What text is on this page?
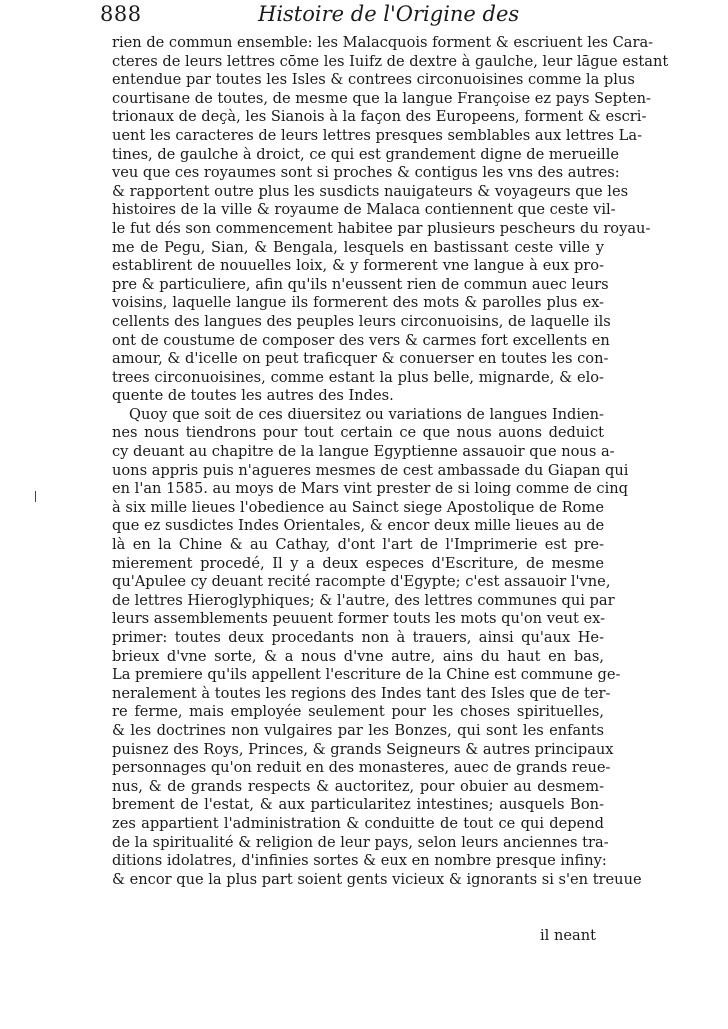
888	Histoire de l'Origine des
rien de commun ensemble: les Malacquois forment & escriuent les Cara-
cteres de leurs lettres cōme les Iuifz de dextre à gaulche, leur lāgue estant
entendue par toutes les Isles & contrees circonuoisines comme la plus
courtisane de toutes, de mesme que la langue Françoise ez pays Septen-
trionaux de deçà, les Sianois à la façon des Europeens, forment & escri-
uent les caracteres de leurs lettres presques semblables aux lettres La-
tines, de gaulche à droict, ce qui est grandement digne de merueille
veu que ces royaumes sont si proches & contigus les vns des autres:
& rapportent outre plus les susdicts nauigateurs & voyageurs que les
histoires de la ville & royaume de Malaca contiennent que ceste vil-
le fut dés son commencement habitee par plusieurs pescheurs du royau-
me de Pegu, Sian, & Bengala, lesquels en bastissant ceste ville y
establirent de nouuelles loix, & y formerent vne langue à eux pro-
pre & particuliere, afin qu'ils n'eussent rien de commun auec leurs
voisins, laquelle langue ils formerent des mots & parolles plus ex-
cellents des langues des peuples leurs circonuoisins, de laquelle ils
ont de coustume de composer des vers & carmes fort excellents en
amour, & d'icelle on peut traficquer & conuerser en toutes les con-
trees circonuoisines, comme estant la plus belle, mignarde, & elo-
quente de toutes les autres des Indes.
Quoy que soit de ces diuersitez ou variations de langues Indien-
nes nous tiendrons pour tout certain ce que nous auons deduict
cy deuant au chapitre de la langue Egyptienne assauoir que nous a-
uons appris puis n'agueres mesmes de cest ambassade du Giapan qui
en l'an 1585. au moys de Mars vint prester de si loing comme de cinq
à six mille lieues l'obedience au Sainct siege Apostolique de Rome
que ez susdictes Indes Orientales, & encor deux mille lieues au de
là en la Chine & au Cathay, d'ont l'art de l'Imprimerie est pre-
mierement procedé, Il y a deux especes d'Escriture, de mesme
qu'Apulee cy deuant recité racompte d'Egypte; c'est assauoir l'vne,
de lettres Hieroglyphiques; & l'autre, des lettres communes qui par
leurs assemblements peuuent former touts les mots qu'on veut ex-
primer: toutes deux procedants non à trauers, ainsi qu'aux He-
brieux d'vne sorte, & a nous d'vne autre, ains du haut en bas,
La premiere qu'ils appellent l'escriture de la Chine est commune ge-
neralement à toutes les regions des Indes tant des Isles que de ter-
re ferme, mais employée seulement pour les choses spirituelles,
& les doctrines non vulgaires par les Bonzes, qui sont les enfants
puisnez des Roys, Princes, & grands Seigneurs & autres principaux
personnages qu'on reduit en des monasteres, auec de grands reue-
nus, & de grands respects & auctoritez, pour obuier au desmem-
brement de l'estat, & aux particularitez intestines; ausquels Bon-
zes appartient l'administration & conduitte de tout ce qui depend
de la spiritualité & religion de leur pays, selon leurs anciennes tra-
ditions idolatres, d'infinies sortes & eux en nombre presque infiny:
& encor que la plus part soient gents vicieux & ignorants si s'en treuue
il neant
